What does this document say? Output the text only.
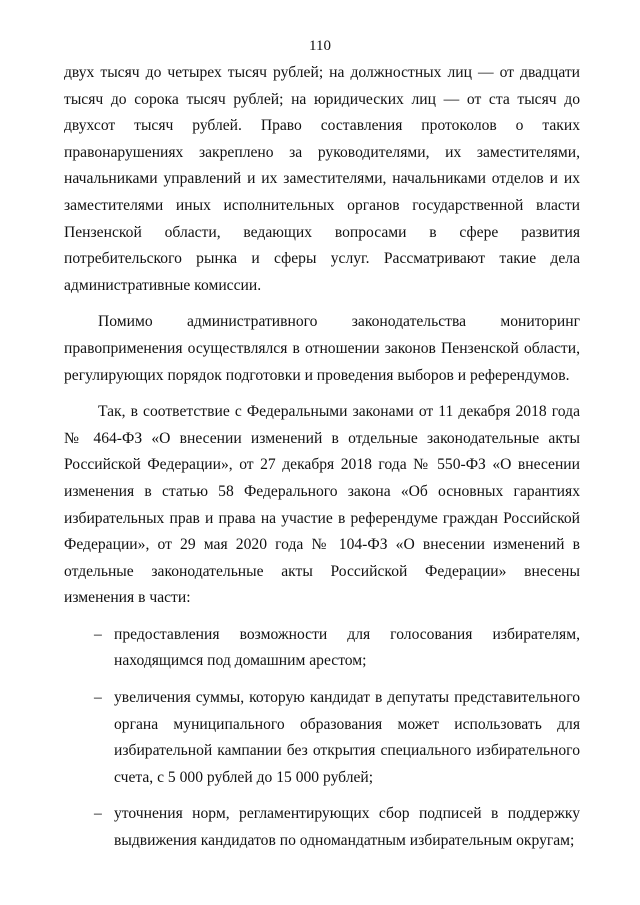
110

двух тысяч до четырех тысяч рублей; на должностных лиц — от двадцати тысяч до сорока тысяч рублей; на юридических лиц — от ста тысяч до двухсот тысяч рублей. Право составления протоколов о таких правонарушениях закреплено за руководителями, их заместителями, начальниками управлений и их заместителями, начальниками отделов и их заместителями иных исполнительных органов государственной власти Пензенской области, ведающих вопросами в сфере развития потребительского рынка и сферы услуг. Рассматривают такие дела административные комиссии.

Помимо административного законодательства мониторинг правоприменения осуществлялся в отношении законов Пензенской области, регулирующих порядок подготовки и проведения выборов и референдумов.

Так, в соответствие с Федеральными законами от 11 декабря 2018 года № 464-ФЗ «О внесении изменений в отдельные законодательные акты Российской Федерации», от 27 декабря 2018 года № 550-ФЗ «О внесении изменения в статью 58 Федерального закона «Об основных гарантиях избирательных прав и права на участие в референдуме граждан Российской Федерации», от 29 мая 2020 года № 104-ФЗ «О внесении изменений в отдельные законодательные акты Российской Федерации» внесены изменения в части:

– предоставления возможности для голосования избирателям, находящимся под домашним арестом;
– увеличения суммы, которую кандидат в депутаты представительного органа муниципального образования может использовать для избирательной кампании без открытия специального избирательного счета, с 5 000 рублей до 15 000 рублей;
– уточнения норм, регламентирующих сбор подписей в поддержку выдвижения кандидатов по одномандатным избирательным округам;
